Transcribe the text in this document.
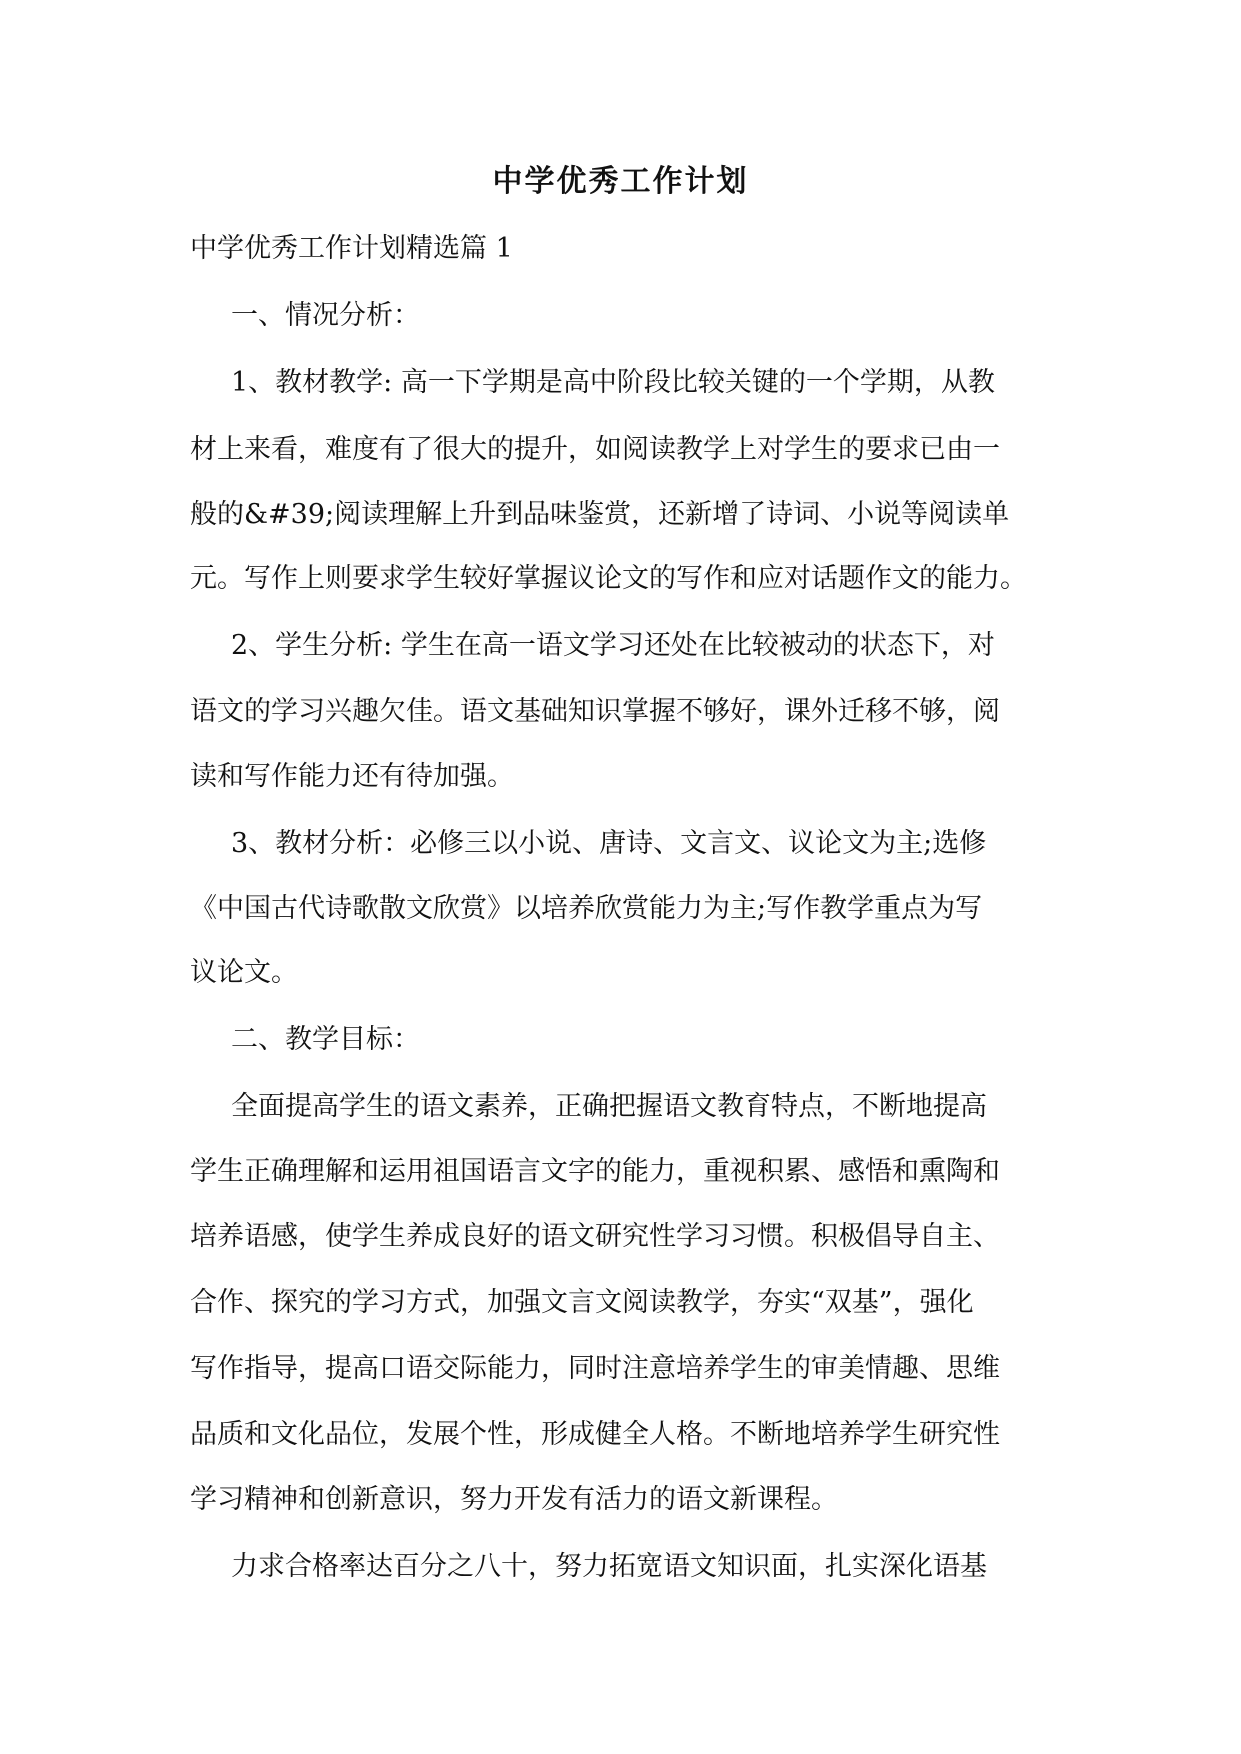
中学优秀工作计划
中学优秀工作计划精选篇 1
一、情况分析：
1、教材教学: 高一下学期是高中阶段比较关键的一个学期，从教
材上来看，难度有了很大的提升，如阅读教学上对学生的要求已由一
般的&#39;阅读理解上升到品味鉴赏，还新增了诗词、小说等阅读单
元。写作上则要求学生较好掌握议论文的写作和应对话题作文的能力。
2、学生分析: 学生在高一语文学习还处在比较被动的状态下，对
语文的学习兴趣欠佳。语文基础知识掌握不够好，课外迁移不够，阅
读和写作能力还有待加强。
3、教材分析：必修三以小说、唐诗、文言文、议论文为主;选修
《中国古代诗歌散文欣赏》以培养欣赏能力为主;写作教学重点为写
议论文。
二、教学目标：
全面提高学生的语文素养，正确把握语文教育特点，不断地提高
学生正确理解和运用祖国语言文字的能力，重视积累、感悟和熏陶和
培养语感，使学生养成良好的语文研究性学习习惯。积极倡导自主、
合作、探究的学习方式，加强文言文阅读教学，夯实“双基”，强化
写作指导，提高口语交际能力，同时注意培养学生的审美情趣、思维
品质和文化品位，发展个性，形成健全人格。不断地培养学生研究性
学习精神和创新意识，努力开发有活力的语文新课程。
力求合格率达百分之八十，努力拓宽语文知识面，扎实深化语基
